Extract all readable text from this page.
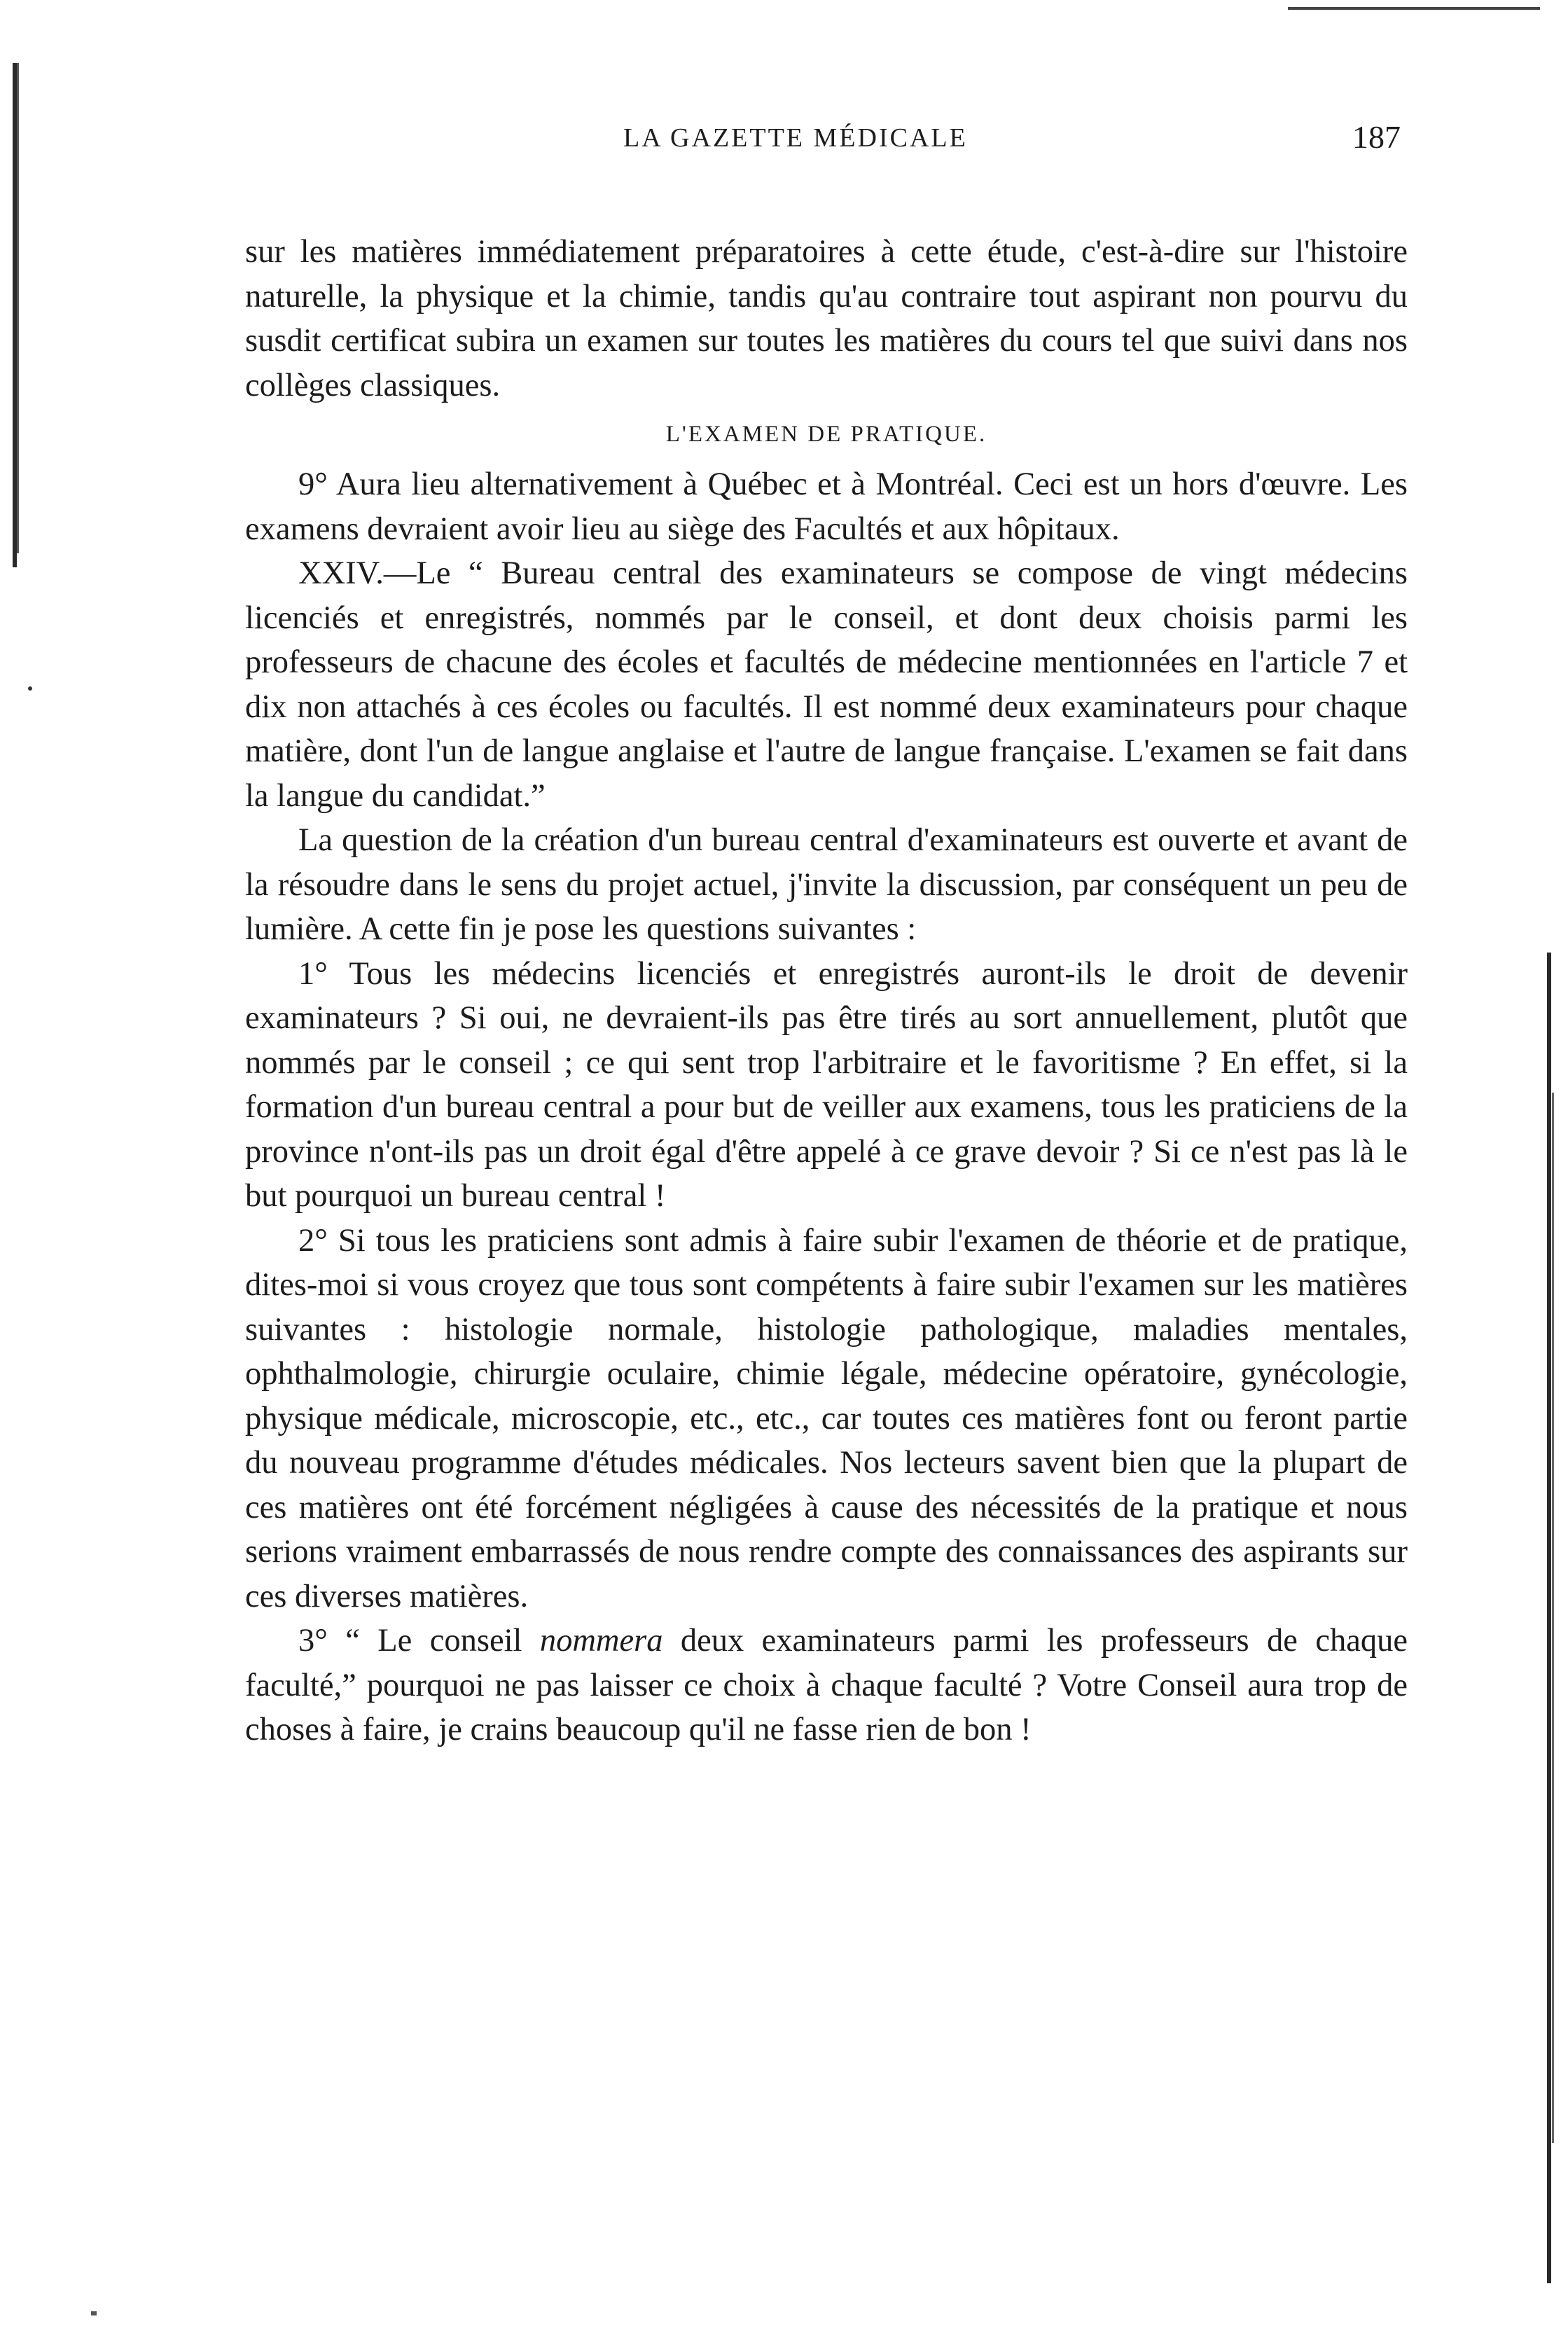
LA GAZETTE MÉDICALE	187

sur les matières immédiatement préparatoires à cette étude, c'est-à-dire sur l'histoire naturelle, la physique et la chimie, tandis qu'au contraire tout aspirant non pourvu du susdit certificat subira un examen sur toutes les matières du cours tel que suivi dans nos collèges classiques.

L'EXAMEN DE PRATIQUE.

9° Aura lieu alternativement à Québec et à Montréal. Ceci est un hors d'œuvre. Les examens devraient avoir lieu au siège des Facultés et aux hôpitaux.

XXIV.—Le “ Bureau central des examinateurs se compose de vingt médecins licenciés et enregistrés, nommés par le conseil, et dont deux choisis parmi les professeurs de chacune des écoles et facultés de médecine mentionnées en l'article 7 et dix non attachés à ces écoles ou facultés. Il est nommé deux examinateurs pour chaque matière, dont l'un de langue anglaise et l'autre de langue française. L'examen se fait dans la langue du candidat.”

La question de la création d'un bureau central d'examinateurs est ouverte et avant de la résoudre dans le sens du projet actuel, j'invite la discussion, par conséquent un peu de lumière. A cette fin je pose les questions suivantes :

1° Tous les médecins licenciés et enregistrés auront-ils le droit de devenir examinateurs ? Si oui, ne devraient-ils pas être tirés au sort annuellement, plutôt que nommés par le conseil ; ce qui sent trop l'arbitraire et le favoritisme ? En effet, si la formation d'un bureau central a pour but de veiller aux examens, tous les praticiens de la province n'ont-ils pas un droit égal d'être appelé à ce grave devoir ? Si ce n'est pas là le but pourquoi un bureau central !

2° Si tous les praticiens sont admis à faire subir l'examen de théorie et de pratique, dites-moi si vous croyez que tous sont compétents à faire subir l'examen sur les matières suivantes : histologie normale, histologie pathologique, maladies mentales, ophthalmologie, chirurgie oculaire, chimie légale, médecine opératoire, gynécologie, physique médicale, microscopie, etc., etc., car toutes ces matières font ou feront partie du nouveau programme d'études médicales. Nos lecteurs savent bien que la plupart de ces matières ont été forcément négligées à cause des nécessités de la pratique et nous serions vraiment embarrassés de nous rendre compte des connaissances des aspirants sur ces diverses matières.

3° “ Le conseil nommera deux examinateurs parmi les professeurs de chaque faculté,” pourquoi ne pas laisser ce choix à chaque faculté ? Votre Conseil aura trop de choses à faire, je crains beaucoup qu'il ne fasse rien de bon !
